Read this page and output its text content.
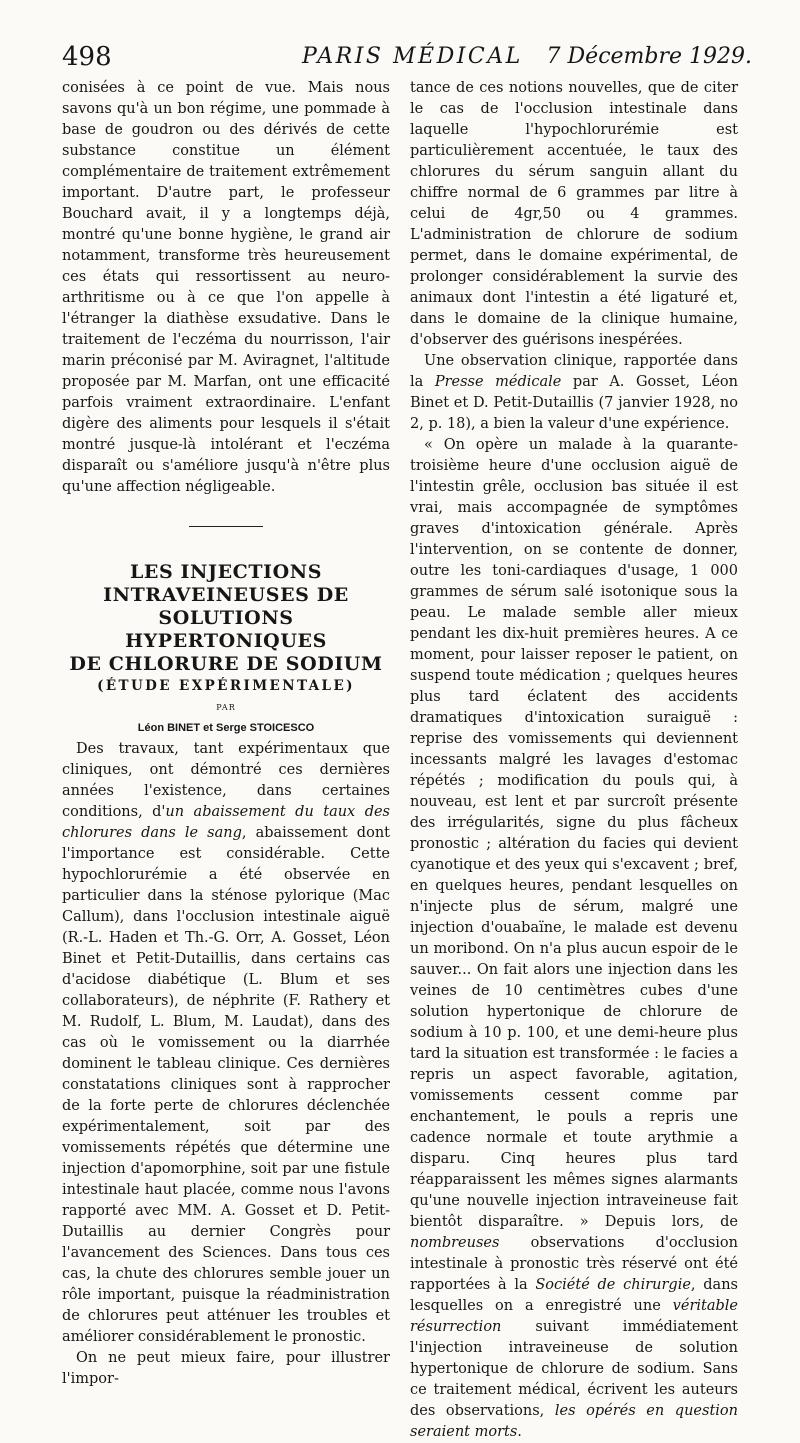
498	PARIS MÉDICAL 7 Décembre 1929.

conisées à ce point de vue. Mais nous savons qu'à un bon régime, une pommade à base de goudron ou des dérivés de cette substance constitue un élément complémentaire de traitement extrêmement important. D'autre part, le professeur Bouchard avait, il y a longtemps déjà, montré qu'une bonne hygiène, le grand air notamment, transforme très heureusement ces états qui ressortissent au neuro-arthritisme ou à ce que l'on appelle à l'étranger la diathèse exsudative. Dans le traitement de l'eczéma du nourrisson, l'air marin préconisé par M. Aviragnet, l'altitude proposée par M. Marfan, ont une efficacité parfois vraiment extraordinaire. L'enfant digère des aliments pour lesquels il s'était montré jusque-là intolérant et l'eczéma disparaît ou s'améliore jusqu'à n'être plus qu'une affection négligeable.

LES INJECTIONS

INTRAVEINEUSES DE

SOLUTIONS HYPERTONIQUES

DE CHLORURE DE SODIUM

(ÉTUDE EXPÉRIMENTALE)

PAR

Léon BINET et Serge STOICESCO

Des travaux, tant expérimentaux que cliniques, ont démontré ces dernières années l'existence, dans certaines conditions, d'un abaissement du taux des chlorures dans le sang, abaissement dont l'importance est considérable. Cette hypochlorurémie a été observée en particulier dans la sténose pylorique (Mac Callum), dans l'occlusion intestinale aiguë (R.-L. Haden et Th.-G. Orr, A. Gosset, Léon Binet et Petit-Dutaillis, dans certains cas d'acidose diabétique (L. Blum et ses collaborateurs), de néphrite (F. Rathery et M. Rudolf, L. Blum, M. Laudat), dans des cas où le vomissement ou la diarrhée dominent le tableau clinique. Ces dernières constatations cliniques sont à rapprocher de la forte perte de chlorures déclenchée expérimentalement, soit par des vomissements répétés que détermine une injection d'apomorphine, soit par une fistule intestinale haut placée, comme nous l'avons rapporté avec MM. A. Gosset et D. Petit-Dutaillis au dernier Congrès pour l'avancement des Sciences. Dans tous ces cas, la chute des chlorures semble jouer un rôle important, puisque la réadministration de chlorures peut atténuer les troubles et améliorer considérablement le pronostic.

On ne peut mieux faire, pour illustrer l'impor-

tance de ces notions nouvelles, que de citer le cas de l'occlusion intestinale dans laquelle l'hypochlorurémie est particulièrement accentuée, le taux des chlorures du sérum sanguin allant du chiffre normal de 6 grammes par litre à celui de 4gr,50 ou 4 grammes. L'administration de chlorure de sodium permet, dans le domaine expérimental, de prolonger considérablement la survie des animaux dont l'intestin a été ligaturé et, dans le domaine de la clinique humaine, d'observer des guérisons inespérées.

Une observation clinique, rapportée dans la Presse médicale par A. Gosset, Léon Binet et D. Petit-Dutaillis (7 janvier 1928, no 2, p. 18), a bien la valeur d'une expérience.

« On opère un malade à la quarante-troisième heure d'une occlusion aiguë de l'intestin grêle, occlusion bas située il est vrai, mais accompagnée de symptômes graves d'intoxication générale. Après l'intervention, on se contente de donner, outre les toni-cardiaques d'usage, 1 000 grammes de sérum salé isotonique sous la peau. Le malade semble aller mieux pendant les dix-huit premières heures. A ce moment, pour laisser reposer le patient, on suspend toute médication ; quelques heures plus tard éclatent des accidents dramatiques d'intoxication suraiguë : reprise des vomissements qui deviennent incessants malgré les lavages d'estomac répétés ; modification du pouls qui, à nouveau, est lent et par surcroît présente des irrégularités, signe du plus fâcheux pronostic ; altération du facies qui devient cyanotique et des yeux qui s'excavent ; bref, en quelques heures, pendant lesquelles on n'injecte plus de sérum, malgré une injection d'ouabaïne, le malade est devenu un moribond. On n'a plus aucun espoir de le sauver... On fait alors une injection dans les veines de 10 centimètres cubes d'une solution hypertonique de chlorure de sodium à 10 p. 100, et une demi-heure plus tard la situation est transformée : le facies a repris un aspect favorable, agitation, vomissements cessent comme par enchantement, le pouls a repris une cadence normale et toute arythmie a disparu. Cinq heures plus tard réapparaissent les mêmes signes alarmants qu'une nouvelle injection intraveineuse fait bientôt disparaître. » Depuis lors, de nombreuses observations d'occlusion intestinale à pronostic très réservé ont été rapportées à la Société de chirurgie, dans lesquelles on a enregistré une véritable résurrection suivant immédiatement l'injection intraveineuse de solution hypertonique de chlorure de sodium. Sans ce traitement médical, écrivent les auteurs des observations, les opérés en question seraient morts.
